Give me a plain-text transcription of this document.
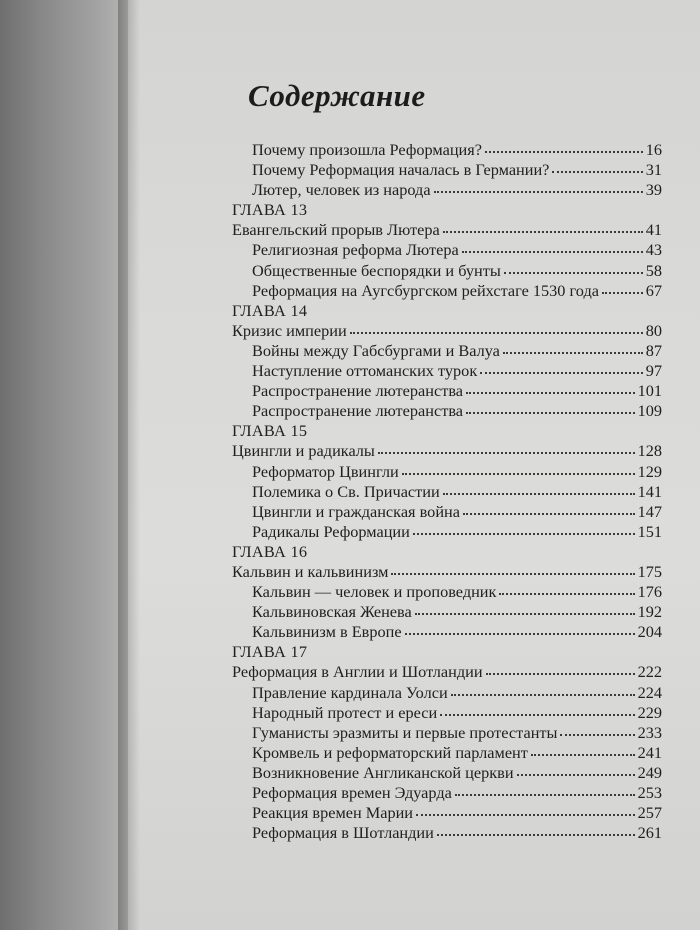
Содержание
Почему произошла Реформация?	16
Почему Реформация началась в Германии?	31
Лютер, человек из народа	39
ГЛАВА 13
Евангельский прорыв Лютера	41
Религиозная реформа Лютера	43
Общественные беспорядки и бунты	58
Реформация на Аугсбургском рейхстаге 1530 года	67
ГЛАВА 14
Кризис империи	80
Войны между Габсбургами и Валуа	87
Наступление оттоманских турок	97
Распространение лютеранства	101
Распространение лютеранства	109
ГЛАВА 15
Цвингли и радикалы	128
Реформатор Цвингли	129
Полемика о Св. Причастии	141
Цвингли и гражданская война	147
Радикалы Реформации	151
ГЛАВА 16
Кальвин и кальвинизм	175
Кальвин — человек и проповедник	176
Кальвиновская Женева	192
Кальвинизм в Европе	204
ГЛАВА 17
Реформация в Англии и Шотландии	222
Правление кардинала Уолси	224
Народный протест и ереси	229
Гуманисты эразмиты и первые протестанты	233
Кромвель и реформаторский парламент	241
Возникновение Англиканской церкви	249
Реформация времен Эдуарда	253
Реакция времен Марии	257
Реформация в Шотландии	261
